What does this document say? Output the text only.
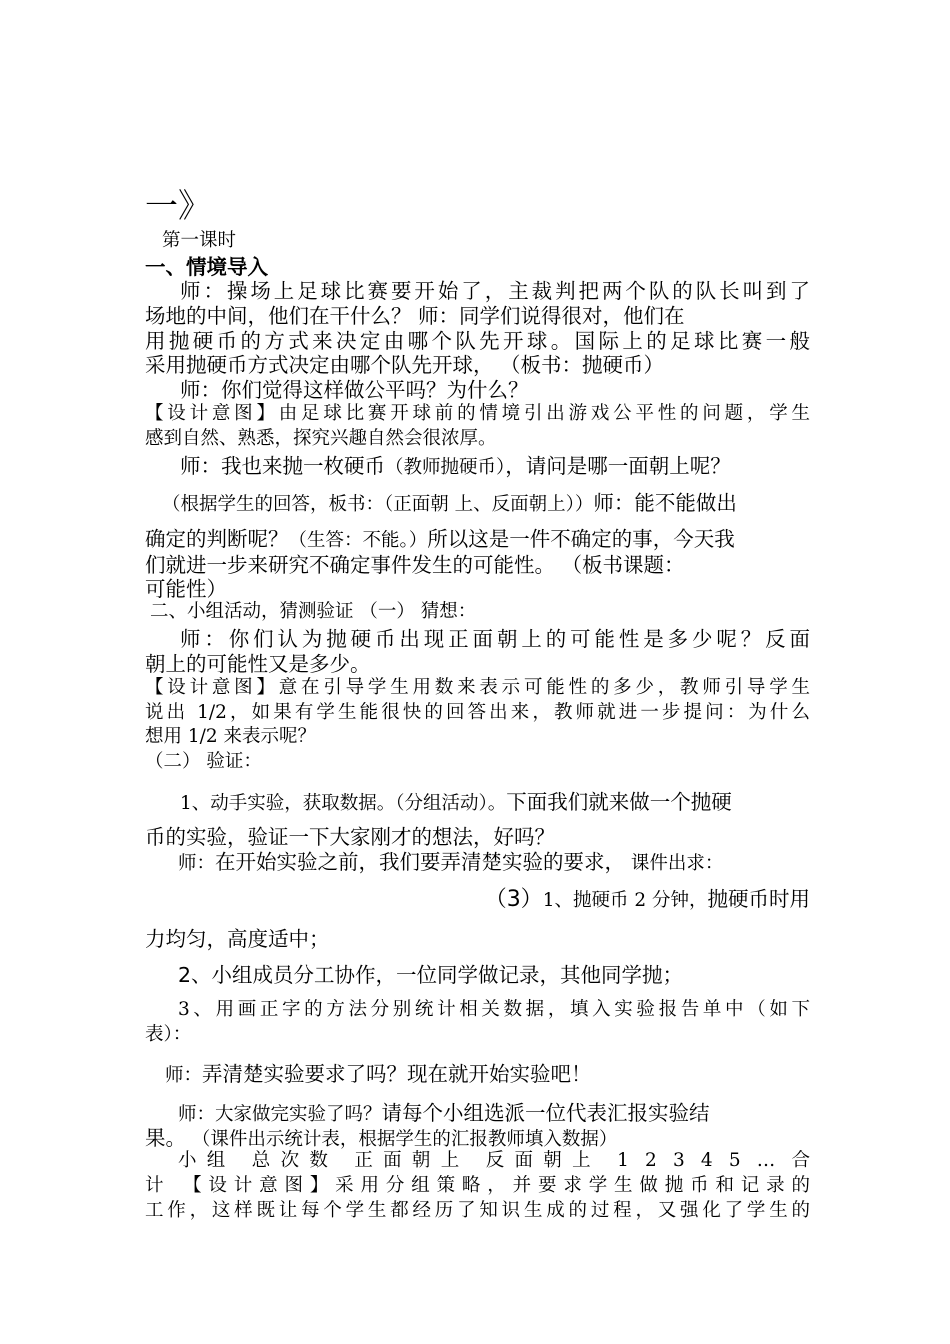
一》
第一课时
一、情境导入
师：操场上足球比赛要开始了，主裁判把两个队的队长叫到了
场地的中间，他们在干什么？ 师：同学们说得很对，他们在
用抛硬币的方式来决定由哪个队先开球。国际上的足球比赛一般
采用抛硬币方式决定由哪个队先开球， （板书：抛硬币）
师：你们觉得这样做公平吗？为什么？
【设计意图】由足球比赛开球前的情境引出游戏公平性的问题，学生
感到自然、熟悉，探究兴趣自然会很浓厚。
师：我也来抛一枚硬币（教师抛硬币），请问是哪一面朝上呢？
（根据学生的回答，板书：（正面朝 上、反面朝上））师：能不能做出
确定的判断呢？（生答：不能。）所以这是一件不确定的事，今天我
们就进一步来研究不确定事件发生的可能性。 （板书课题：
可能性）
二、小组活动，猜测验证 （一） 猜想：
师：你们认为抛硬币出现正面朝上的可能性是多少呢？反面
朝上的可能性又是多少。
【设计意图】意在引导学生用数来表示可能性的多少，教师引导学生
说出 1/2，如果有学生能很快的回答出来，教师就进一步提问：为什么
想用 1/2 来表示呢？
（二） 验证：
1、动手实验，获取数据。（分组活动）。下面我们就来做一个抛硬
币的实验，验证一下大家刚才的想法，好吗？
师：在开始实验之前，我们要弄清楚实验的要求， 课件出求：
（3）1、抛硬币 2 分钟，抛硬币时用
力均匀，高度适中；
2、小组成员分工协作，一位同学做记录，其他同学抛；
3、用画正字的方法分别统计相关数据，填入实验报告单中（如下
表）：
师：弄清楚实验要求了吗？现在就开始实验吧！
师：大家做完实验了吗？请每个小组选派一位代表汇报实验结
果。 （课件出示统计表，根据学生的汇报教师填入数据）
小组 总次数 正面朝上 反面朝上 1 2 3 4 5 … 合
计 【设计意图】采用分组策略，并要求学生做抛币和记录的
工作，这样既让每个学生都经历了知识生成的过程，又强化了学生的
